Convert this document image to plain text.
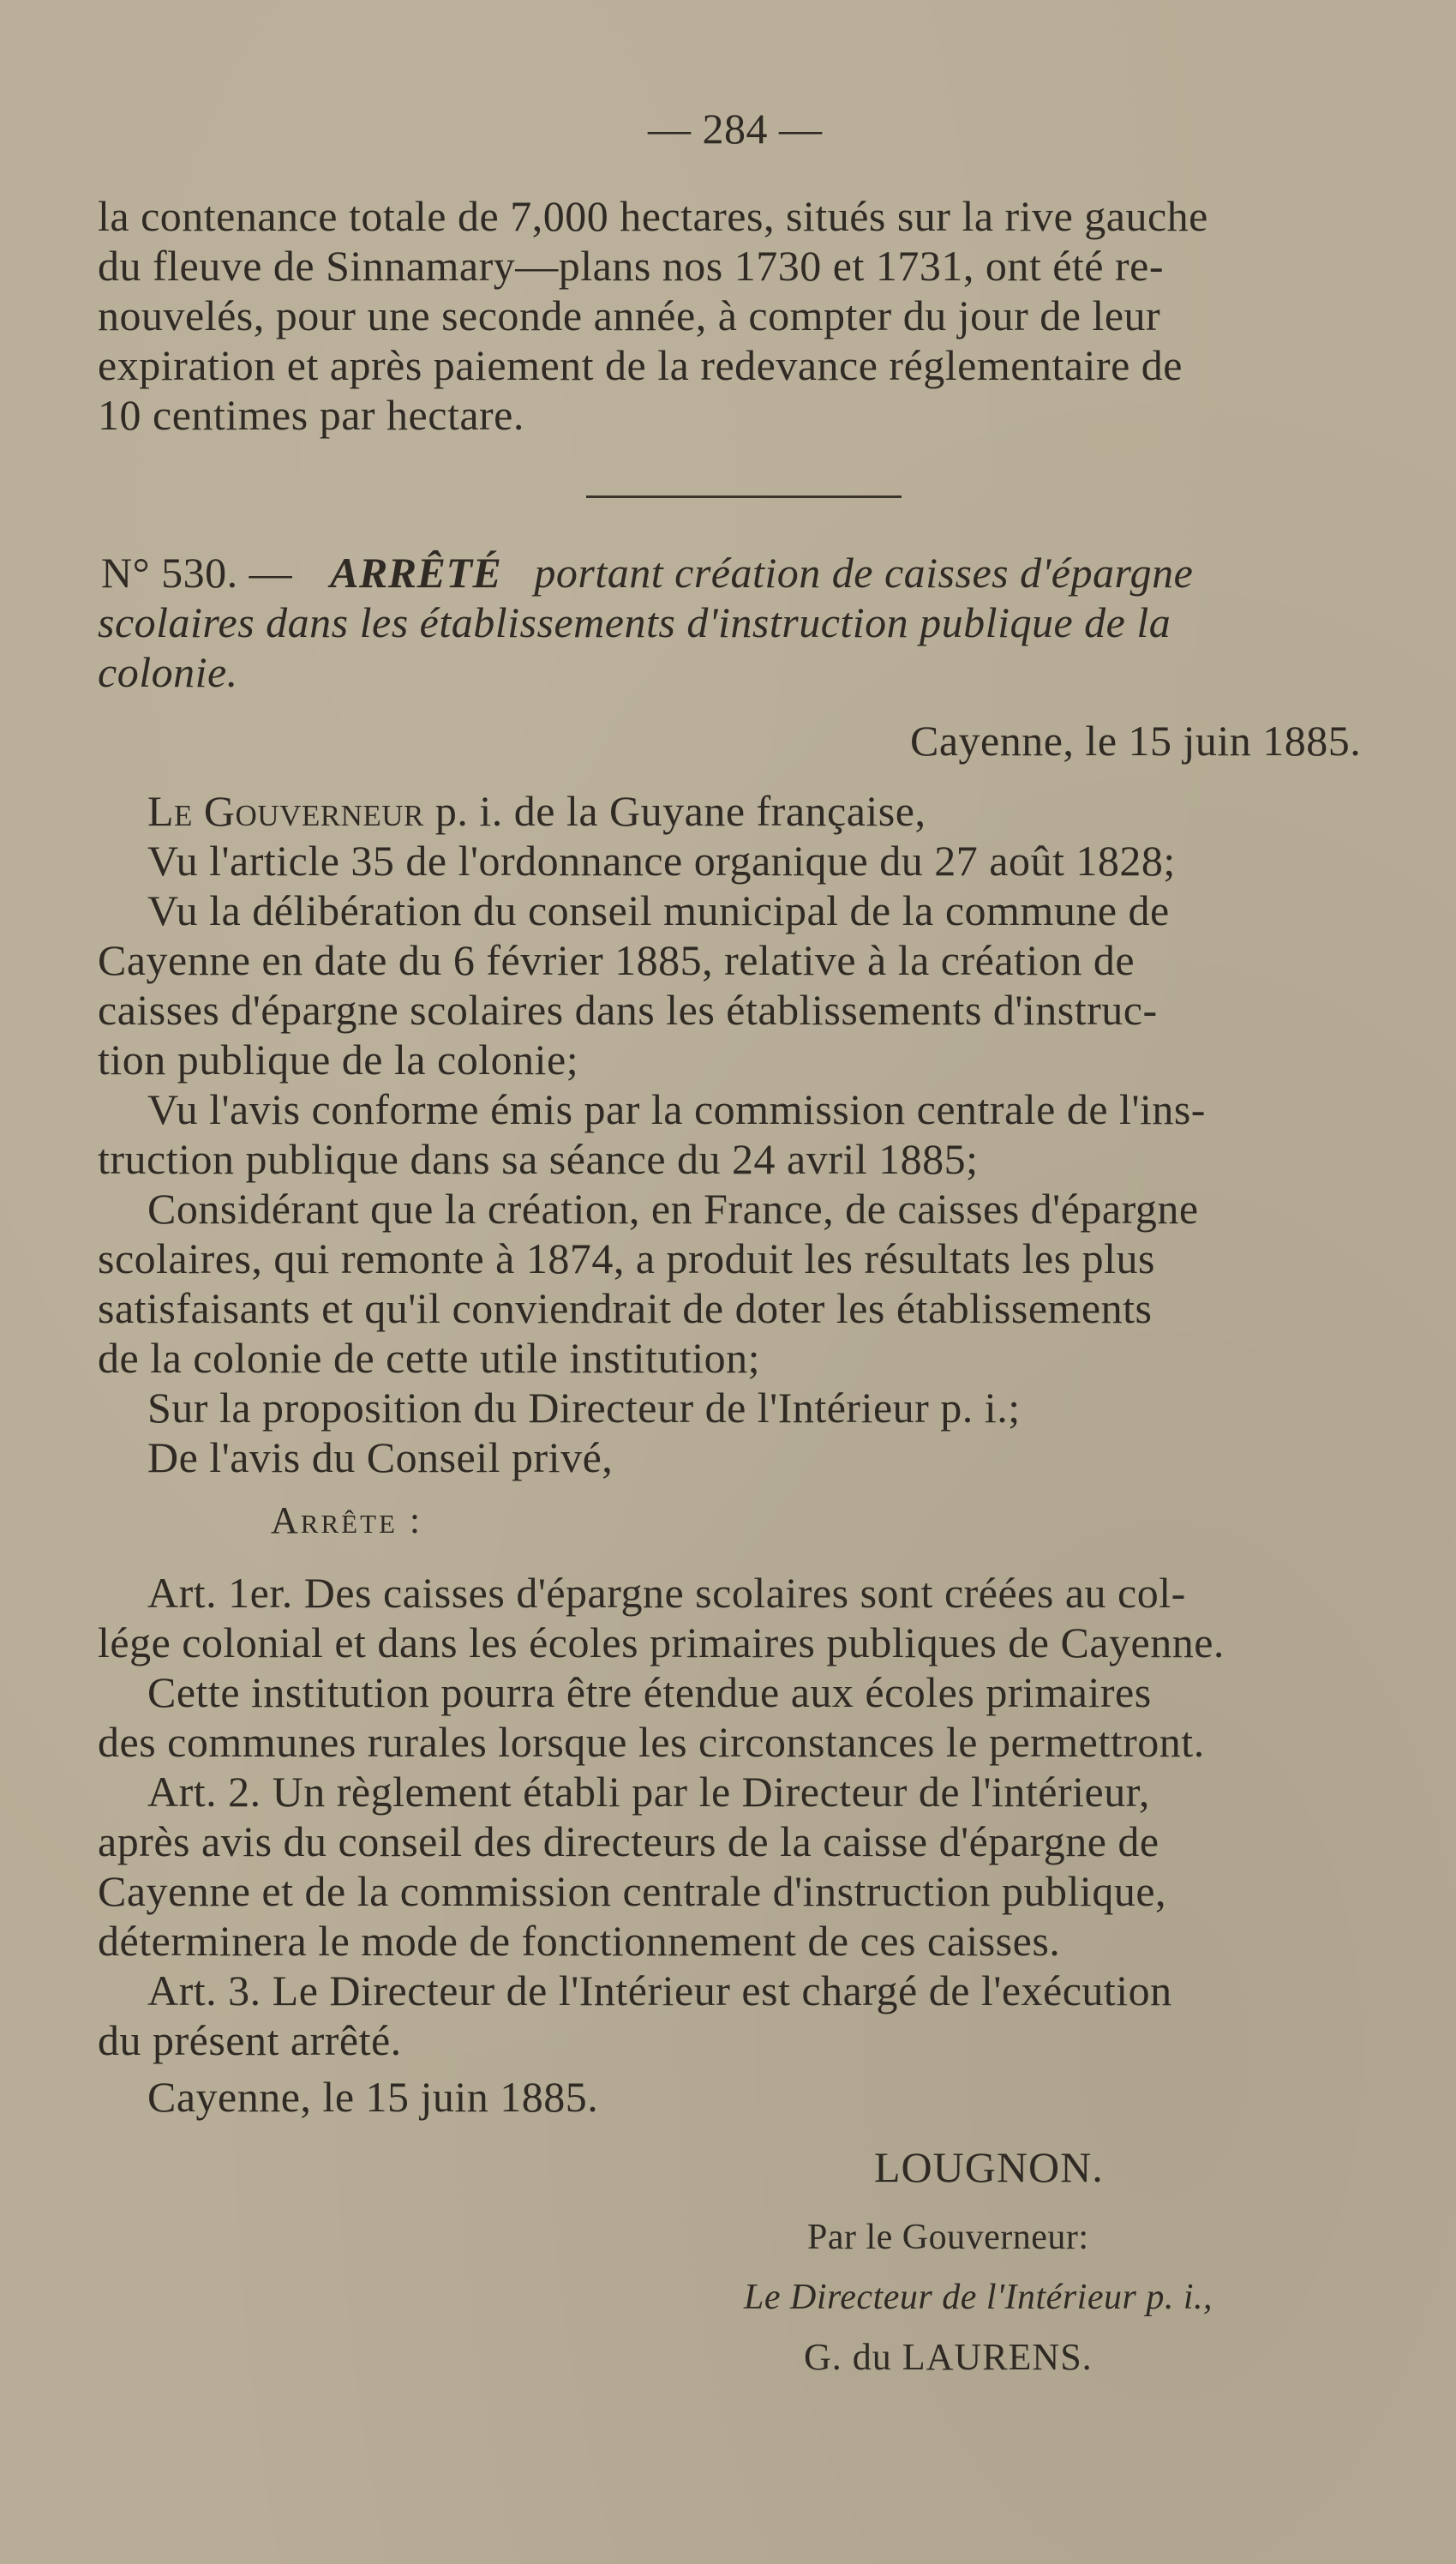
— 284 —
la contenance totale de 7,000 hectares, situés sur la rive gauche
du fleuve de Sinnamary—plans nos 1730 et 1731, ont été re-
nouvelés, pour une seconde année, à compter du jour de leur
expiration et après paiement de la redevance réglementaire de
10 centimes par hectare.
N° 530. — ARRÊTÉ portant création de caisses d'épargne
scolaires dans les établissements d'instruction publique de la
colonie.
Cayenne, le 15 juin 1885.
Le Gouverneur p. i. de la Guyane française,
Vu l'article 35 de l'ordonnance organique du 27 août 1828;
Vu la délibération du conseil municipal de la commune de
Cayenne en date du 6 février 1885, relative à la création de
caisses d'épargne scolaires dans les établissements d'instruc-
tion publique de la colonie;
Vu l'avis conforme émis par la commission centrale de l'ins-
truction publique dans sa séance du 24 avril 1885;
Considérant que la création, en France, de caisses d'épargne
scolaires, qui remonte à 1874, a produit les résultats les plus
satisfaisants et qu'il conviendrait de doter les établissements
de la colonie de cette utile institution;
Sur la proposition du Directeur de l'Intérieur p. i.;
De l'avis du Conseil privé,
Arrête :
Art. 1er. Des caisses d'épargne scolaires sont créées au col-
lége colonial et dans les écoles primaires publiques de Cayenne.
Cette institution pourra être étendue aux écoles primaires
des communes rurales lorsque les circonstances le permettront.
Art. 2. Un règlement établi par le Directeur de l'intérieur,
après avis du conseil des directeurs de la caisse d'épargne de
Cayenne et de la commission centrale d'instruction publique,
déterminera le mode de fonctionnement de ces caisses.
Art. 3. Le Directeur de l'Intérieur est chargé de l'exécution
du présent arrêté.
Cayenne, le 15 juin 1885.
LOUGNON.
Par le Gouverneur:
Le Directeur de l'Intérieur p. i.,
G. du LAURENS.
